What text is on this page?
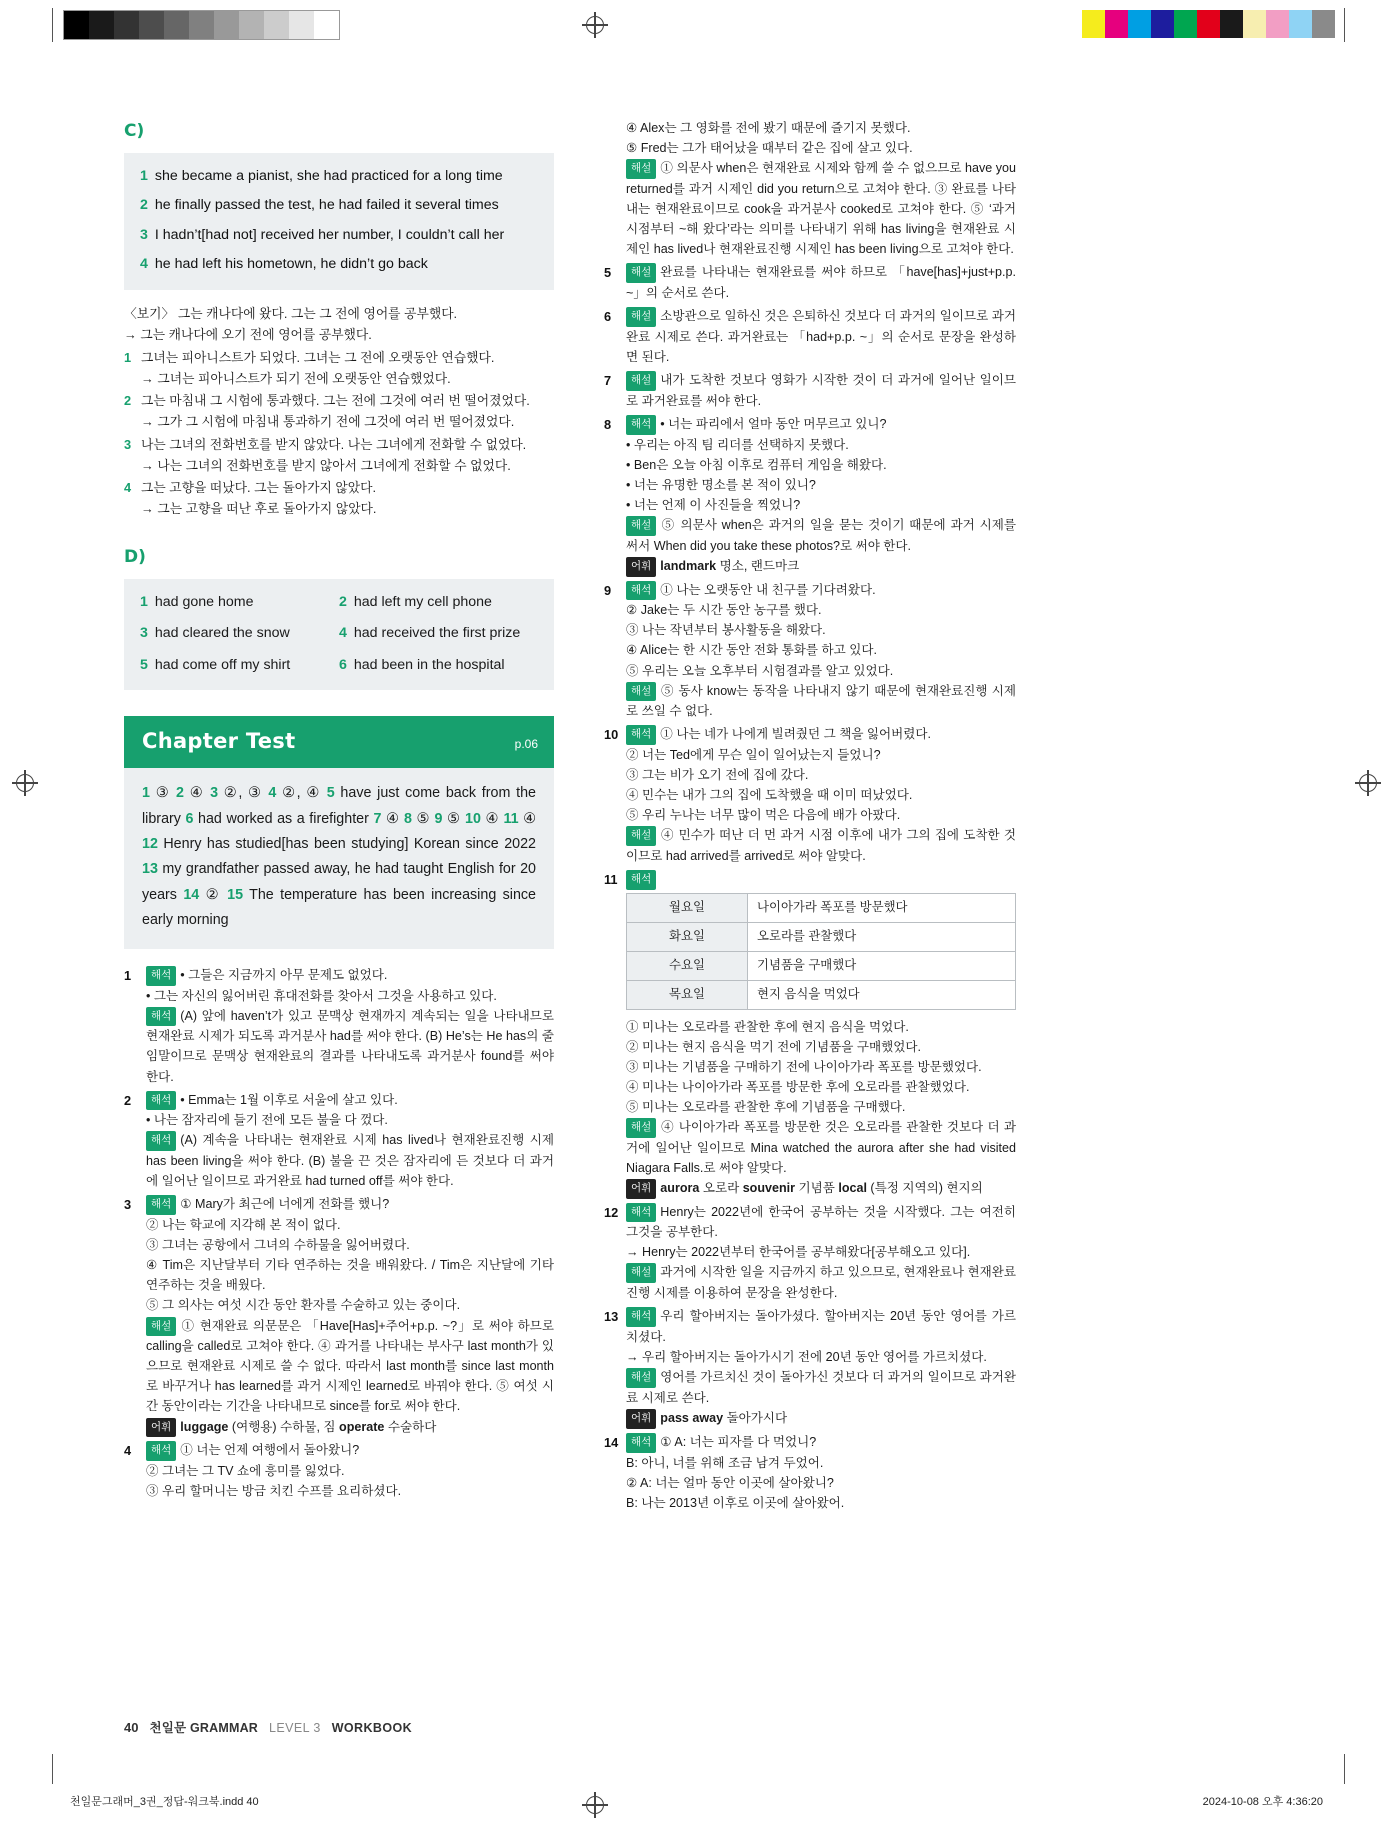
C)
1 she became a pianist, she had practiced for a long time
2 he finally passed the test, he had failed it several times
3 I hadn’t[had not] received her number, I couldn’t call her
4 he had left his hometown, he didn’t go back
〈보기〉 그는 캐나다에 왔다. 그는 그 전에 영어를 공부했다.
→ 그는 캐나다에 오기 전에 영어를 공부했다.
1 그녀는 피아니스트가 되었다. 그녀는 그 전에 오랫동안 연습했다.
→ 그녀는 피아니스트가 되기 전에 오랫동안 연습했었다.
2 그는 마침내 그 시험에 통과했다. 그는 전에 그것에 여러 번 떨어졌었다.
→ 그가 그 시험에 마침내 통과하기 전에 그것에 여러 번 떨어졌었다.
3 나는 그녀의 전화번호를 받지 않았다. 나는 그녀에게 전화할 수 없었다.
→ 나는 그녀의 전화번호를 받지 않아서 그녀에게 전화할 수 없었다.
4 그는 고향을 떠났다. 그는 돌아가지 않았다.
→ 그는 고향을 떠난 후로 돌아가지 않았다.
D)
1 had gone home	2 had left my cell phone
3 had cleared the snow	4 had received the first prize
5 had come off my shirt	6 had been in the hospital
Chapter Test	p.06
1 ③ 2 ④ 3 ②, ③ 4 ②, ④ 5 have just come back from the library 6 had worked as a firefighter 7 ④ 8 ⑤ 9 ⑤ 10 ④ 11 ④ 12 Henry has studied[has been studying] Korean since 2022 13 my grandfather passed away, he had taught English for 20 years 14 ② 15 The temperature has been increasing since early morning
1	해석 • 그들은 지금까지 아무 문제도 없었다.
• 그는 자신의 잃어버린 휴대전화를 찾아서 그것을 사용하고 있다.
해석 (A) 앞에 haven’t가 있고 문맥상 현재까지 계속되는 일을 나타내므로 현재완료 시제가 되도록 과거분사 had를 써야 한다. (B) He’s는 He has의 줄임말이므로 문맥상 현재완료의 결과를 나타내도록 과거분사 found를 써야 한다.
2	해석 • Emma는 1월 이후로 서울에 살고 있다.
• 나는 잠자리에 들기 전에 모든 불을 다 껐다.
해석 (A) 계속을 나타내는 현재완료 시제 has lived나 현재완료진행 시제 has been living을 써야 한다. (B) 불을 끈 것은 잠자리에 든 것보다 더 과거에 일어난 일이므로 과거완료 had turned off를 써야 한다.
3	해석 ① Mary가 최근에 너에게 전화를 했니?
② 나는 학교에 지각해 본 적이 없다.
③ 그녀는 공항에서 그녀의 수하물을 잃어버렸다.
④ Tim은 지난달부터 기타 연주하는 것을 배워왔다. / Tim은 지난달에 기타 연주하는 것을 배웠다.
⑤ 그 의사는 여섯 시간 동안 환자를 수술하고 있는 중이다.
해설 ① 현재완료 의문문은 「Have[Has]+주어+p.p. ~?」로 써야 하므로 calling을 called로 고쳐야 한다. ④ 과거를 나타내는 부사구 last month가 있으므로 현재완료 시제로 쓸 수 없다. 따라서 last month를 since last month로 바꾸거나 has learned를 과거 시제인 learned로 바꿔야 한다. ⑤ 여섯 시간 동안이라는 기간을 나타내므로 since를 for로 써야 한다.
어휘 luggage (여행용) 수하물, 짐 operate 수술하다
4	해석 ① 너는 언제 여행에서 돌아왔니?
② 그녀는 그 TV 쇼에 흥미를 잃었다.
③ 우리 할머니는 방금 치킨 수프를 요리하셨다.
④ Alex는 그 영화를 전에 봤기 때문에 즐기지 못했다.
⑤ Fred는 그가 태어났을 때부터 같은 집에 살고 있다.
해설 ① 의문사 when은 현재완료 시제와 함께 쓸 수 없으므로 have you returned를 과거 시제인 did you return으로 고쳐야 한다. ③ 완료를 나타내는 현재완료이므로 cook을 과거분사 cooked로 고쳐야 한다. ⑤ ‘과거 시점부터 ~해 왔다’라는 의미를 나타내기 위해 has living을 현재완료 시제인 has lived나 현재완료진행 시제인 has been living으로 고쳐야 한다.
5	해설 완료를 나타내는 현재완료를 써야 하므로 「have[has]+just+p.p. ~」의 순서로 쓴다.
6	해설 소방관으로 일하신 것은 은퇴하신 것보다 더 과거의 일이므로 과거완료 시제로 쓴다. 과거완료는 「had+p.p. ~」의 순서로 문장을 완성하면 된다.
7	해설 내가 도착한 것보다 영화가 시작한 것이 더 과거에 일어난 일이므로 과거완료를 써야 한다.
8	해석 • 너는 파리에서 얼마 동안 머무르고 있니?
• 우리는 아직 팀 리더를 선택하지 못했다.
• Ben은 오늘 아침 이후로 컴퓨터 게임을 해왔다.
• 너는 유명한 명소를 본 적이 있니?
• 너는 언제 이 사진들을 찍었니?
해설 ⑤ 의문사 when은 과거의 일을 묻는 것이기 때문에 과거 시제를 써서 When did you take these photos?로 써야 한다.
어휘 landmark 명소, 랜드마크
9	해석 ① 나는 오랫동안 내 친구를 기다려왔다.
② Jake는 두 시간 동안 농구를 했다.
③ 나는 작년부터 봉사활동을 해왔다.
④ Alice는 한 시간 동안 전화 통화를 하고 있다.
⑤ 우리는 오늘 오후부터 시험결과를 알고 있었다.
해설 ⑤ 동사 know는 동작을 나타내지 않기 때문에 현재완료진행 시제로 쓰일 수 없다.
10	해석 ① 나는 네가 나에게 빌려줬던 그 책을 잃어버렸다.
② 너는 Ted에게 무슨 일이 일어났는지 들었니?
③ 그는 비가 오기 전에 집에 갔다.
④ 민수는 내가 그의 집에 도착했을 때 이미 떠났었다.
⑤ 우리 누나는 너무 많이 먹은 다음에 배가 아팠다.
해설 ④ 민수가 떠난 더 먼 과거 시점 이후에 내가 그의 집에 도착한 것이므로 had arrived를 arrived로 써야 알맞다.
11	해석
월요일	나이아가라 폭포를 방문했다
화요일	오로라를 관찰했다
수요일	기념품을 구매했다
목요일	현지 음식을 먹었다
① 미나는 오로라를 관찰한 후에 현지 음식을 먹었다.
② 미나는 현지 음식을 먹기 전에 기념품을 구매했었다.
③ 미나는 기념품을 구매하기 전에 나이아가라 폭포를 방문했었다.
④ 미나는 나이아가라 폭포를 방문한 후에 오로라를 관찰했었다.
⑤ 미나는 오로라를 관찰한 후에 기념품을 구매했다.
해설 ④ 나이아가라 폭포를 방문한 것은 오로라를 관찰한 것보다 더 과거에 일어난 일이므로 Mina watched the aurora after she had visited Niagara Falls.로 써야 알맞다.
어휘 aurora 오로라 souvenir 기념품 local (특정 지역의) 현지의
12	해석 Henry는 2022년에 한국어 공부하는 것을 시작했다. 그는 여전히 그것을 공부한다.
→ Henry는 2022년부터 한국어를 공부해왔다[공부해오고 있다].
해설 과거에 시작한 일을 지금까지 하고 있으므로, 현재완료나 현재완료진행 시제를 이용하여 문장을 완성한다.
13	해석 우리 할아버지는 돌아가셨다. 할아버지는 20년 동안 영어를 가르치셨다.
→ 우리 할아버지는 돌아가시기 전에 20년 동안 영어를 가르치셨다.
해설 영어를 가르치신 것이 돌아가신 것보다 더 과거의 일이므로 과거완료 시제로 쓴다.
어휘 pass away 돌아가시다
14	해석 ① A: 너는 피자를 다 먹었니?
B: 아니, 너를 위해 조금 남겨 두었어.
② A: 너는 얼마 동안 이곳에 살아왔니?
B: 나는 2013년 이후로 이곳에 살아왔어.
40 천일문 GRAMMAR LEVEL 3 WORKBOOK
천일문그래머_3권_정답-워크북.indd 40	2024-10-08 오후 4:36:20
